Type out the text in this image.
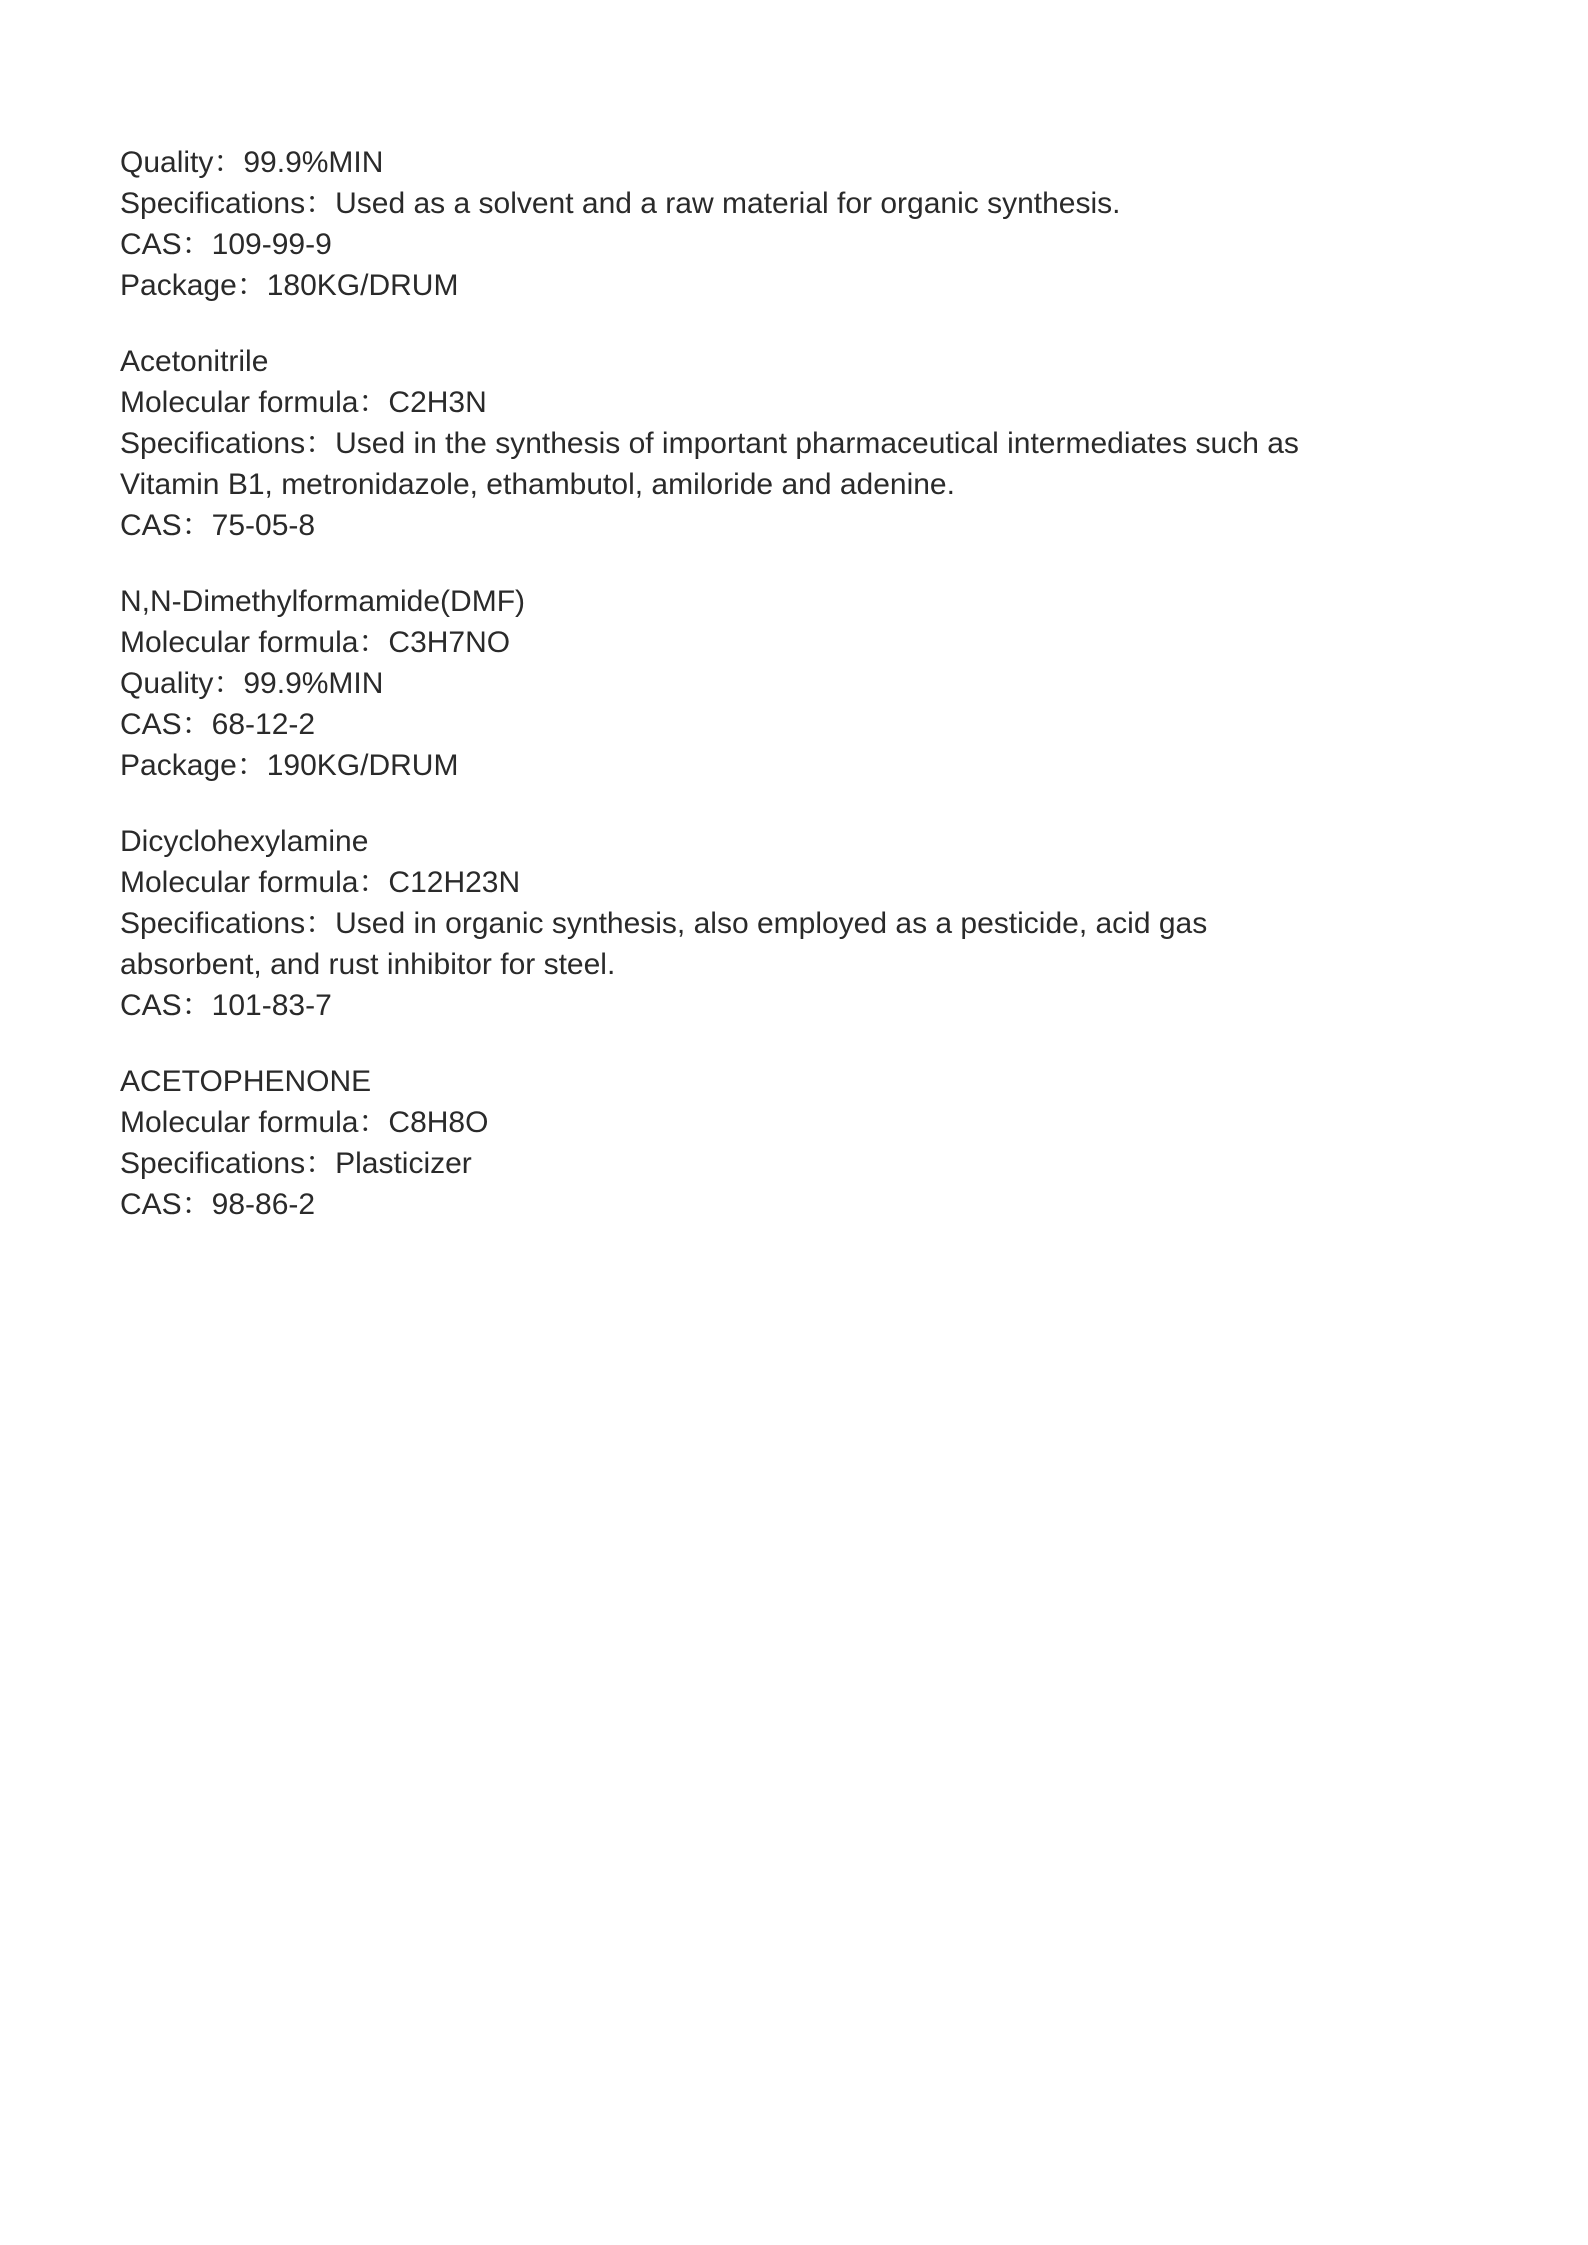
Quality：99.9%MIN
Specifications：Used as a solvent and a raw material for organic synthesis.
CAS：109-99-9
Package：180KG/DRUM
Acetonitrile
Molecular formula：C2H3N
Specifications：Used in the synthesis of important pharmaceutical intermediates such as Vitamin B1, metronidazole, ethambutol, amiloride and adenine.
CAS：75-05-8
N,N-Dimethylformamide(DMF)
Molecular formula：C3H7NO
Quality：99.9%MIN
CAS：68-12-2
Package：190KG/DRUM
Dicyclohexylamine
Molecular formula：C12H23N
Specifications：Used in organic synthesis, also employed as a pesticide, acid gas absorbent, and rust inhibitor for steel.
CAS：101-83-7
ACETOPHENONE
Molecular formula：C8H8O
Specifications：Plasticizer
CAS：98-86-2
